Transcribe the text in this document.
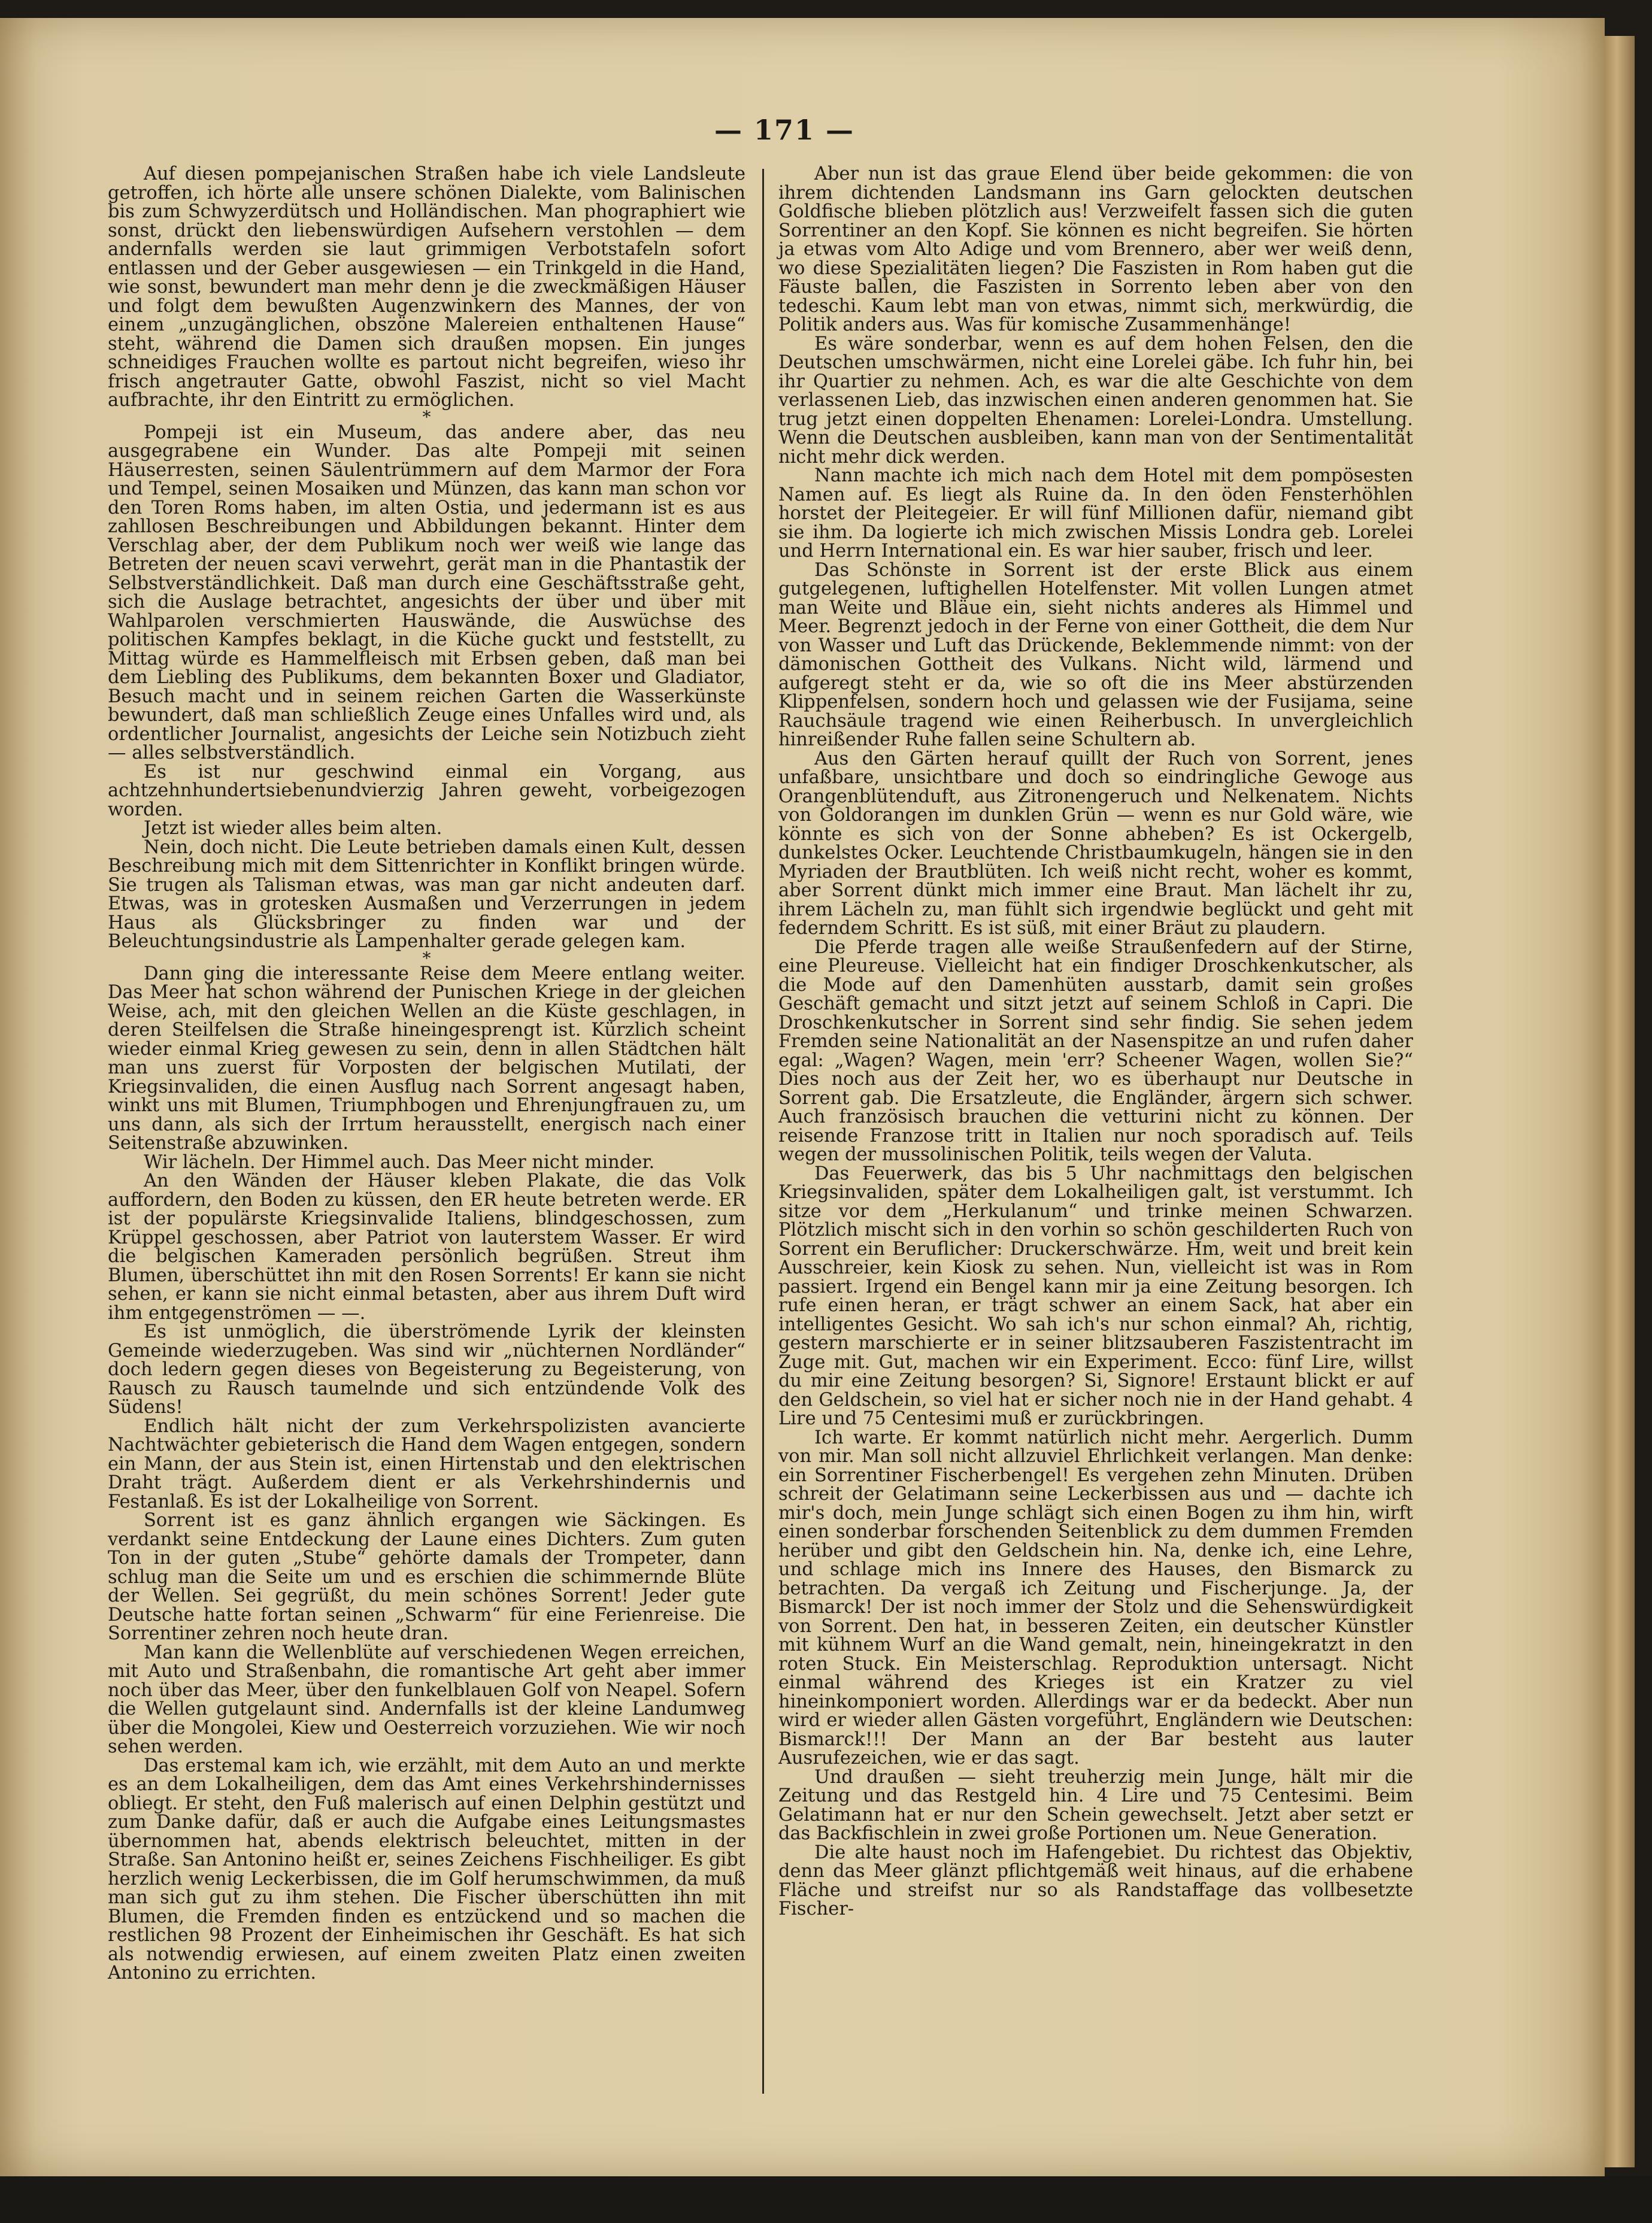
— 171 —

Auf diesen pompejanischen Straßen habe ich viele Landsleute getroffen, ich hörte alle unsere schönen Dialekte, vom Balinischen bis zum Schwyzerdütsch und Holländischen. Man phographiert wie sonst, drückt den liebenswürdigen Aufsehern verstohlen — dem andernfalls werden sie laut grimmigen Verbotstafeln sofort entlassen und der Geber ausgewiesen — ein Trinkgeld in die Hand, wie sonst, bewundert man mehr denn je die zweckmäßigen Häuser und folgt dem bewußten Augenzwinkern des Mannes, der von einem „unzugänglichen, obszöne Malereien enthaltenen Hause“ steht, während die Damen sich draußen mopsen. Ein junges schneidiges Frauchen wollte es partout nicht begreifen, wieso ihr frisch angetrauter Gatte, obwohl Faszist, nicht so viel Macht aufbrachte, ihr den Eintritt zu ermöglichen.

*

Pompeji ist ein Museum, das andere aber, das neu ausgegrabene ein Wunder. Das alte Pompeji mit seinen Häuserresten, seinen Säulentrümmern auf dem Marmor der Fora und Tempel, seinen Mosaiken und Münzen, das kann man schon vor den Toren Roms haben, im alten Ostia, und jedermann ist es aus zahllosen Beschreibungen und Abbildungen bekannt. Hinter dem Verschlag aber, der dem Publikum noch wer weiß wie lange das Betreten der neuen scavi verwehrt, gerät man in die Phantastik der Selbstverständlichkeit. Daß man durch eine Geschäftsstraße geht, sich die Auslage betrachtet, angesichts der über und über mit Wahlparolen verschmierten Hauswände, die Auswüchse des politischen Kampfes beklagt, in die Küche guckt und feststellt, zu Mittag würde es Hammelfleisch mit Erbsen geben, daß man bei dem Liebling des Publikums, dem bekannten Boxer und Gladiator, Besuch macht und in seinem reichen Garten die Wasserkünste bewundert, daß man schließlich Zeuge eines Unfalles wird und, als ordentlicher Journalist, angesichts der Leiche sein Notizbuch zieht — alles selbstverständlich.

Es ist nur geschwind einmal ein Vorgang, aus achtzehnhundertsiebenundvierzig Jahren geweht, vorbeigezogen worden.

Jetzt ist wieder alles beim alten.

Nein, doch nicht. Die Leute betrieben damals einen Kult, dessen Beschreibung mich mit dem Sittenrichter in Konflikt bringen würde. Sie trugen als Talisman etwas, was man gar nicht andeuten darf. Etwas, was in grotesken Ausmaßen und Verzerrungen in jedem Haus als Glücksbringer zu finden war und der Beleuchtungsindustrie als Lampenhalter gerade gelegen kam.

*

Dann ging die interessante Reise dem Meere entlang weiter. Das Meer hat schon während der Punischen Kriege in der gleichen Weise, ach, mit den gleichen Wellen an die Küste geschlagen, in deren Steilfelsen die Straße hineingesprengt ist. Kürzlich scheint wieder einmal Krieg gewesen zu sein, denn in allen Städtchen hält man uns zuerst für Vorposten der belgischen Mutilati, der Kriegsinvaliden, die einen Ausflug nach Sorrent angesagt haben, winkt uns mit Blumen, Triumphbogen und Ehrenjungfrauen zu, um uns dann, als sich der Irrtum herausstellt, energisch nach einer Seitenstraße abzuwinken.

Wir lächeln. Der Himmel auch. Das Meer nicht minder.

An den Wänden der Häuser kleben Plakate, die das Volk auffordern, den Boden zu küssen, den ER heute betreten werde. ER ist der populärste Kriegsinvalide Italiens, blindgeschossen, zum Krüppel geschossen, aber Patriot von lauterstem Wasser. Er wird die belgischen Kameraden persönlich begrüßen. Streut ihm Blumen, überschüttet ihn mit den Rosen Sorrents! Er kann sie nicht sehen, er kann sie nicht einmal betasten, aber aus ihrem Duft wird ihm entgegenströmen — —.

Es ist unmöglich, die überströmende Lyrik der kleinsten Gemeinde wiederzugeben. Was sind wir „nüchternen Nordländer“ doch ledern gegen dieses von Begeisterung zu Begeisterung, von Rausch zu Rausch taumelnde und sich entzündende Volk des Südens!

Endlich hält nicht der zum Verkehrspolizisten avancierte Nachtwächter gebieterisch die Hand dem Wagen entgegen, sondern ein Mann, der aus Stein ist, einen Hirtenstab und den elektrischen Draht trägt. Außerdem dient er als Verkehrshindernis und Festanlaß. Es ist der Lokalheilige von Sorrent.

Sorrent ist es ganz ähnlich ergangen wie Säckingen. Es verdankt seine Entdeckung der Laune eines Dichters. Zum guten Ton in der guten „Stube“ gehörte damals der Trompeter, dann schlug man die Seite um und es erschien die schimmernde Blüte der Wellen. Sei gegrüßt, du mein schönes Sorrent! Jeder gute Deutsche hatte fortan seinen „Schwarm“ für eine Ferienreise. Die Sorrentiner zehren noch heute dran.

Man kann die Wellenblüte auf verschiedenen Wegen erreichen, mit Auto und Straßenbahn, die romantische Art geht aber immer noch über das Meer, über den funkelblauen Golf von Neapel. Sofern die Wellen gutgelaunt sind. Andernfalls ist der kleine Landumweg über die Mongolei, Kiew und Oesterreich vorzuziehen. Wie wir noch sehen werden.

Das erstemal kam ich, wie erzählt, mit dem Auto an und merkte es an dem Lokalheiligen, dem das Amt eines Verkehrshindernisses obliegt. Er steht, den Fuß malerisch auf einen Delphin gestützt und zum Danke dafür, daß er auch die Aufgabe eines Leitungsmastes übernommen hat, abends elektrisch beleuchtet, mitten in der Straße. San Antonino heißt er, seines Zeichens Fischheiliger. Es gibt herzlich wenig Leckerbissen, die im Golf herumschwimmen, da muß man sich gut zu ihm stehen. Die Fischer überschütten ihn mit Blumen, die Fremden finden es entzückend und so machen die restlichen 98 Prozent der Einheimischen ihr Geschäft. Es hat sich als notwendig erwiesen, auf einem zweiten Platz einen zweiten Antonino zu errichten.

Aber nun ist das graue Elend über beide gekommen: die von ihrem dichtenden Landsmann ins Garn gelockten deutschen Goldfische blieben plötzlich aus! Verzweifelt fassen sich die guten Sorrentiner an den Kopf. Sie können es nicht begreifen. Sie hörten ja etwas vom Alto Adige und vom Brennero, aber wer weiß denn, wo diese Spezialitäten liegen? Die Faszisten in Rom haben gut die Fäuste ballen, die Faszisten in Sorrento leben aber von den tedeschi. Kaum lebt man von etwas, nimmt sich, merkwürdig, die Politik anders aus. Was für komische Zusammenhänge!

Es wäre sonderbar, wenn es auf dem hohen Felsen, den die Deutschen umschwärmen, nicht eine Lorelei gäbe. Ich fuhr hin, bei ihr Quartier zu nehmen. Ach, es war die alte Geschichte von dem verlassenen Lieb, das inzwischen einen anderen genommen hat. Sie trug jetzt einen doppelten Ehenamen: Lorelei-Londra. Umstellung. Wenn die Deutschen ausbleiben, kann man von der Sentimentalität nicht mehr dick werden.

Nann machte ich mich nach dem Hotel mit dem pompösesten Namen auf. Es liegt als Ruine da. In den öden Fensterhöhlen horstet der Pleitegeier. Er will fünf Millionen dafür, niemand gibt sie ihm. Da logierte ich mich zwischen Missis Londra geb. Lorelei und Herrn International ein. Es war hier sauber, frisch und leer.

Das Schönste in Sorrent ist der erste Blick aus einem gutgelegenen, luftighellen Hotelfenster. Mit vollen Lungen atmet man Weite und Bläue ein, sieht nichts anderes als Himmel und Meer. Begrenzt jedoch in der Ferne von einer Gottheit, die dem Nur von Wasser und Luft das Drückende, Beklemmende nimmt: von der dämonischen Gottheit des Vulkans. Nicht wild, lärmend und aufgeregt steht er da, wie so oft die ins Meer abstürzenden Klippenfelsen, sondern hoch und gelassen wie der Fusijama, seine Rauchsäule tragend wie einen Reiherbusch. In unvergleichlich hinreißender Ruhe fallen seine Schultern ab.

Aus den Gärten herauf quillt der Ruch von Sorrent, jenes unfaßbare, unsichtbare und doch so eindringliche Gewoge aus Orangenblütenduft, aus Zitronengeruch und Nelkenatem. Nichts von Goldorangen im dunklen Grün — wenn es nur Gold wäre, wie könnte es sich von der Sonne abheben? Es ist Ockergelb, dunkelstes Ocker. Leuchtende Christbaumkugeln, hängen sie in den Myriaden der Brautblüten. Ich weiß nicht recht, woher es kommt, aber Sorrent dünkt mich immer eine Braut. Man lächelt ihr zu, ihrem Lächeln zu, man fühlt sich irgendwie beglückt und geht mit federndem Schritt. Es ist süß, mit einer Bräut zu plaudern.

Die Pferde tragen alle weiße Straußenfedern auf der Stirne, eine Pleureuse. Vielleicht hat ein findiger Droschkenkutscher, als die Mode auf den Damenhüten ausstarb, damit sein großes Geschäft gemacht und sitzt jetzt auf seinem Schloß in Capri. Die Droschkenkutscher in Sorrent sind sehr findig. Sie sehen jedem Fremden seine Nationalität an der Nasenspitze an und rufen daher egal: „Wagen? Wagen, mein 'err? Scheener Wagen, wollen Sie?“ Dies noch aus der Zeit her, wo es überhaupt nur Deutsche in Sorrent gab. Die Ersatzleute, die Engländer, ärgern sich schwer. Auch französisch brauchen die vetturini nicht zu können. Der reisende Franzose tritt in Italien nur noch sporadisch auf. Teils wegen der mussolinischen Politik, teils wegen der Valuta.

Das Feuerwerk, das bis 5 Uhr nachmittags den belgischen Kriegsinvaliden, später dem Lokalheiligen galt, ist verstummt. Ich sitze vor dem „Herkulanum“ und trinke meinen Schwarzen. Plötzlich mischt sich in den vorhin so schön geschilderten Ruch von Sorrent ein Beruflicher: Druckerschwärze. Hm, weit und breit kein Ausschreier, kein Kiosk zu sehen. Nun, vielleicht ist was in Rom passiert. Irgend ein Bengel kann mir ja eine Zeitung besorgen. Ich rufe einen heran, er trägt schwer an einem Sack, hat aber ein intelligentes Gesicht. Wo sah ich's nur schon einmal? Ah, richtig, gestern marschierte er in seiner blitzsauberen Faszistentracht im Zuge mit. Gut, machen wir ein Experiment. Ecco: fünf Lire, willst du mir eine Zeitung besorgen? Si, Signore! Erstaunt blickt er auf den Geldschein, so viel hat er sicher noch nie in der Hand gehabt. 4 Lire und 75 Centesimi muß er zurückbringen.

Ich warte. Er kommt natürlich nicht mehr. Aergerlich. Dumm von mir. Man soll nicht allzuviel Ehrlichkeit verlangen. Man denke: ein Sorrentiner Fischerbengel! Es vergehen zehn Minuten. Drüben schreit der Gelatimann seine Leckerbissen aus und — dachte ich mir's doch, mein Junge schlägt sich einen Bogen zu ihm hin, wirft einen sonderbar forschenden Seitenblick zu dem dummen Fremden herüber und gibt den Geldschein hin. Na, denke ich, eine Lehre, und schlage mich ins Innere des Hauses, den Bismarck zu betrachten. Da vergaß ich Zeitung und Fischerjunge. Ja, der Bismarck! Der ist noch immer der Stolz und die Sehenswürdigkeit von Sorrent. Den hat, in besseren Zeiten, ein deutscher Künstler mit kühnem Wurf an die Wand gemalt, nein, hineingekratzt in den roten Stuck. Ein Meisterschlag. Reproduktion untersagt. Nicht einmal während des Krieges ist ein Kratzer zu viel hineinkomponiert worden. Allerdings war er da bedeckt. Aber nun wird er wieder allen Gästen vorgeführt, Engländern wie Deutschen: Bismarck!!! Der Mann an der Bar besteht aus lauter Ausrufezeichen, wie er das sagt.

Und draußen — sieht treuherzig mein Junge, hält mir die Zeitung und das Restgeld hin. 4 Lire und 75 Centesimi. Beim Gelatimann hat er nur den Schein gewechselt. Jetzt aber setzt er das Backfischlein in zwei große Portionen um. Neue Generation.

Die alte haust noch im Hafengebiet. Du richtest das Objektiv, denn das Meer glänzt pflichtgemäß weit hinaus, auf die erhabene Fläche und streifst nur so als Randstaffage das vollbesetzte Fischer-
